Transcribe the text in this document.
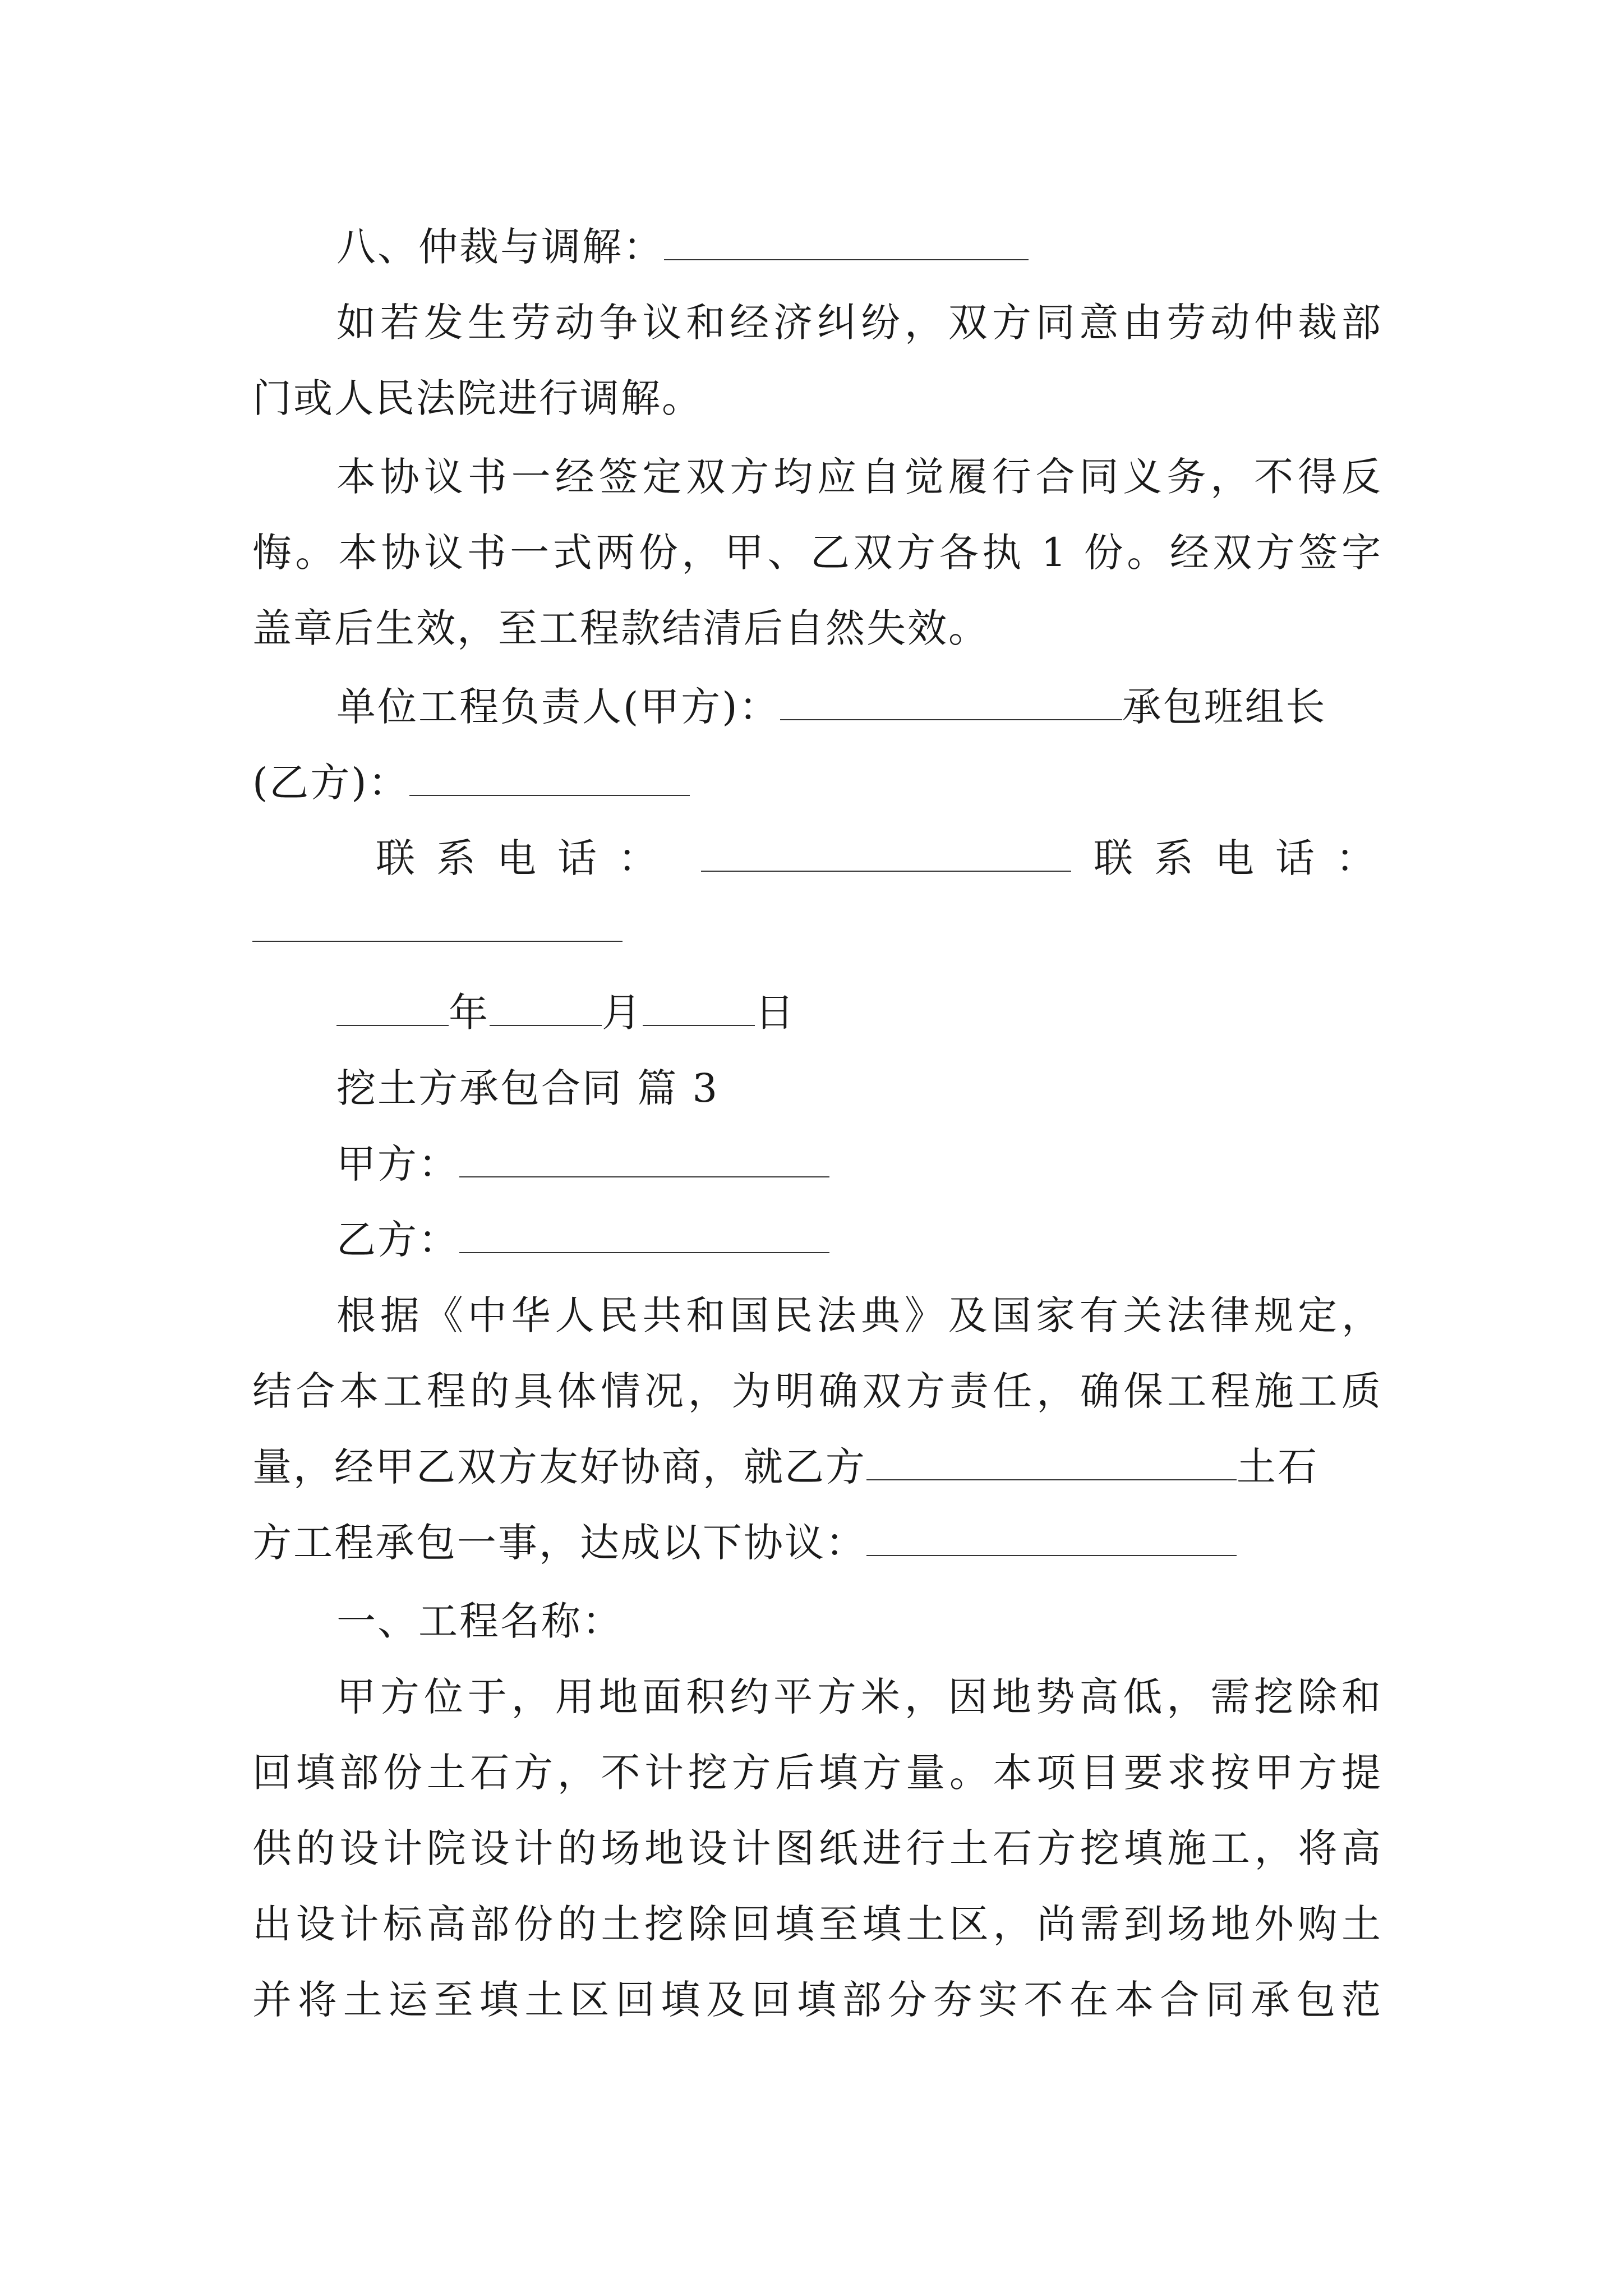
八、仲裁与调解：
如若发生劳动争议和经济纠纷，双方同意由劳动仲裁部
门或人民法院进行调解。
本协议书一经签定双方均应自觉履行合同义务，不得反
悔。本协议书一式两份，甲、乙双方各执 1 份。经双方签字
盖章后生效，至工程款结清后自然失效。
单位工程负责人(甲方)：	承包班组长
(乙方)：
联系电话：	联系电话：
年	月	日
挖土方承包合同 篇 3
甲方：
乙方：
根据《中华人民共和国民法典》及国家有关法律规定，
结合本工程的具体情况，为明确双方责任，确保工程施工质
量，经甲乙双方友好协商，就乙方	土石
方工程承包一事，达成以下协议：
一、工程名称：
甲方位于，用地面积约平方米，因地势高低，需挖除和
回填部份土石方，不计挖方后填方量。本项目要求按甲方提
供的设计院设计的场地设计图纸进行土石方挖填施工，将高
出设计标高部份的土挖除回填至填土区，尚需到场地外购土
并将土运至填土区回填及回填部分夯实不在本合同承包范
